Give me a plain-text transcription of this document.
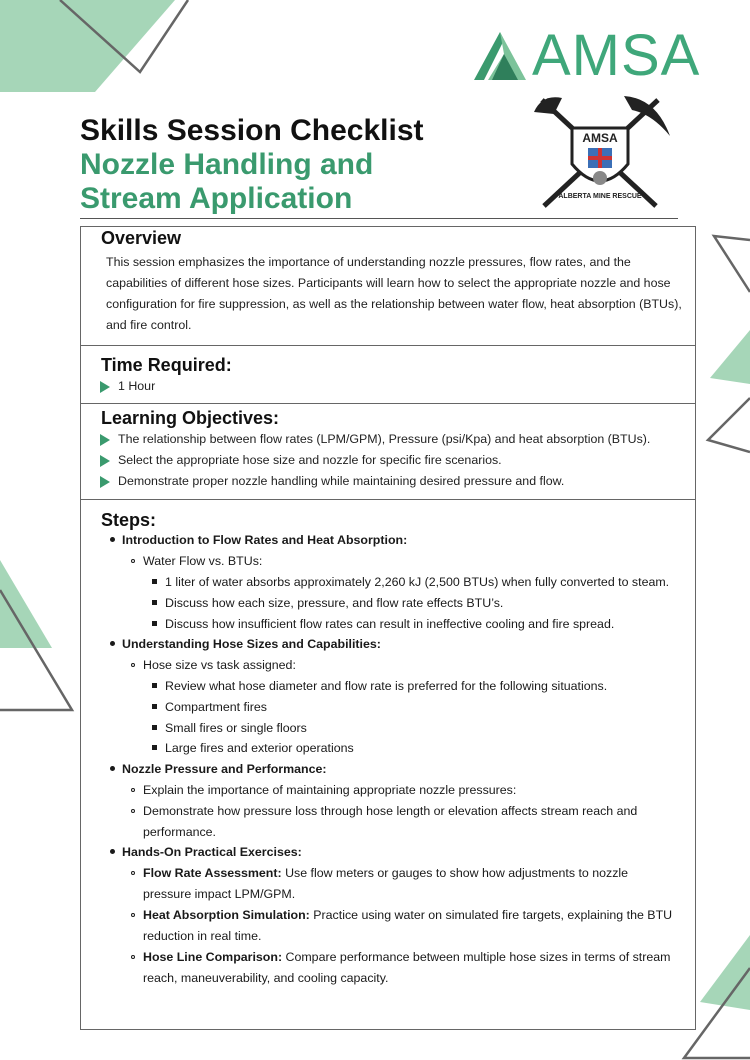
AMSA
AMSA
ALBERTA MINE RESCUE
Skills Session Checklist
Nozzle Handling and
Stream Application
Overview

This session emphasizes the importance of understanding nozzle pressures, flow rates, and the capabilities of different hose sizes. Participants will learn how to select the appropriate nozzle and hose configuration for fire suppression, as well as the relationship between water flow, heat absorption (BTUs), and fire control.

Time Required:
1 Hour
Learning Objectives:
The relationship between flow rates (LPM/GPM), Pressure (psi/Kpa) and heat absorption (BTUs).
Select the appropriate hose size and nozzle for specific fire scenarios.
Demonstrate proper nozzle handling while maintaining desired pressure and flow.
Steps:
Introduction to Flow Rates and Heat Absorption:
Water Flow vs. BTUs:
1 liter of water absorbs approximately 2,260 kJ (2,500 BTUs) when fully converted to steam.
Discuss how each size, pressure, and flow rate effects BTU’s.
Discuss how insufficient flow rates can result in ineffective cooling and fire spread.
Understanding Hose Sizes and Capabilities:
Hose size vs task assigned:
Review what hose diameter and flow rate is preferred for the following situations.
Compartment fires
Small fires or single floors
Large fires and exterior operations
Nozzle Pressure and Performance:
Explain the importance of maintaining appropriate nozzle pressures:
Demonstrate how pressure loss through hose length or elevation affects stream reach and performance.
Hands-On Practical Exercises:
Flow Rate Assessment: Use flow meters or gauges to show how adjustments to nozzle pressure impact LPM/GPM.
Heat Absorption Simulation: Practice using water on simulated fire targets, explaining the BTU reduction in real time.
Hose Line Comparison: Compare performance between multiple hose sizes in terms of stream reach, maneuverability, and cooling capacity.
